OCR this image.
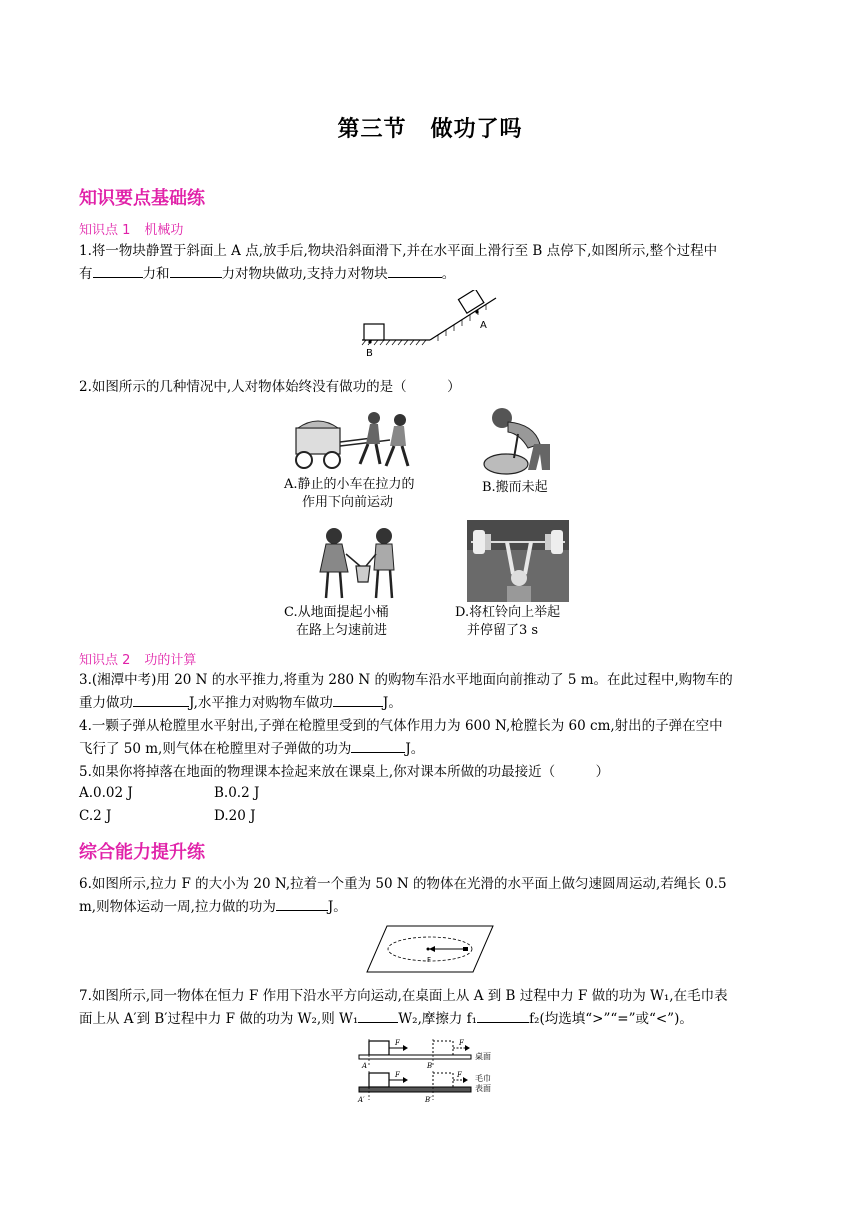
第三节 做功了吗
知识要点基础练
知识点 1 机械功
1.将一物块静置于斜面上 A 点,放手后,物块沿斜面滑下,并在水平面上滑行至 B 点停下,如图所示,整个过程中
有	力和	力对物块做功,支持力对物块	。
A
B
2.如图所示的几种情况中,人对物体始终没有做功的是（　　　）
A.静止的小车在拉力的
作用下向前运动
B.搬而未起
C.从地面提起小桶
在路上匀速前进
D.将杠铃向上举起
并停留了3 s
知识点 2 功的计算
3.(湘潭中考)用 20 N 的水平推力,将重为 280 N 的购物车沿水平地面向前推动了 5 m。在此过程中,购物车的
重力做功	J,水平推力对购物车做功	J。
4.一颗子弹从枪膛里水平射出,子弹在枪膛里受到的气体作用力为 600 N,枪膛长为 60 cm,射出的子弹在空中
飞行了 50 m,则气体在枪膛里对子弹做的功为	J。
5.如果你将掉落在地面的物理课本捡起来放在课桌上,你对课本所做的功最接近（　　　）
A.0.02 J	B.0.2 J
C.2 J	D.20 J
综合能力提升练
6.如图所示,拉力 F 的大小为 20 N,拉着一个重为 50 N 的物体在光滑的水平面上做匀速圆周运动,若绳长 0.5
m,则物体运动一周,拉力做的功为	J。
F
7.如图所示,同一物体在恒力 F 作用下沿水平方向运动,在桌面上从 A 到 B 过程中力 F 做的功为 W₁,在毛巾表
面上从 A′到 B′过程中力 F 做的功为 W₂,则 W₁	W₂,摩擦力 f₁	f₂(均选填“>”“=”或“<”)。
F	F
桌面
A	B
F	F 毛巾
表面
A′	B′
